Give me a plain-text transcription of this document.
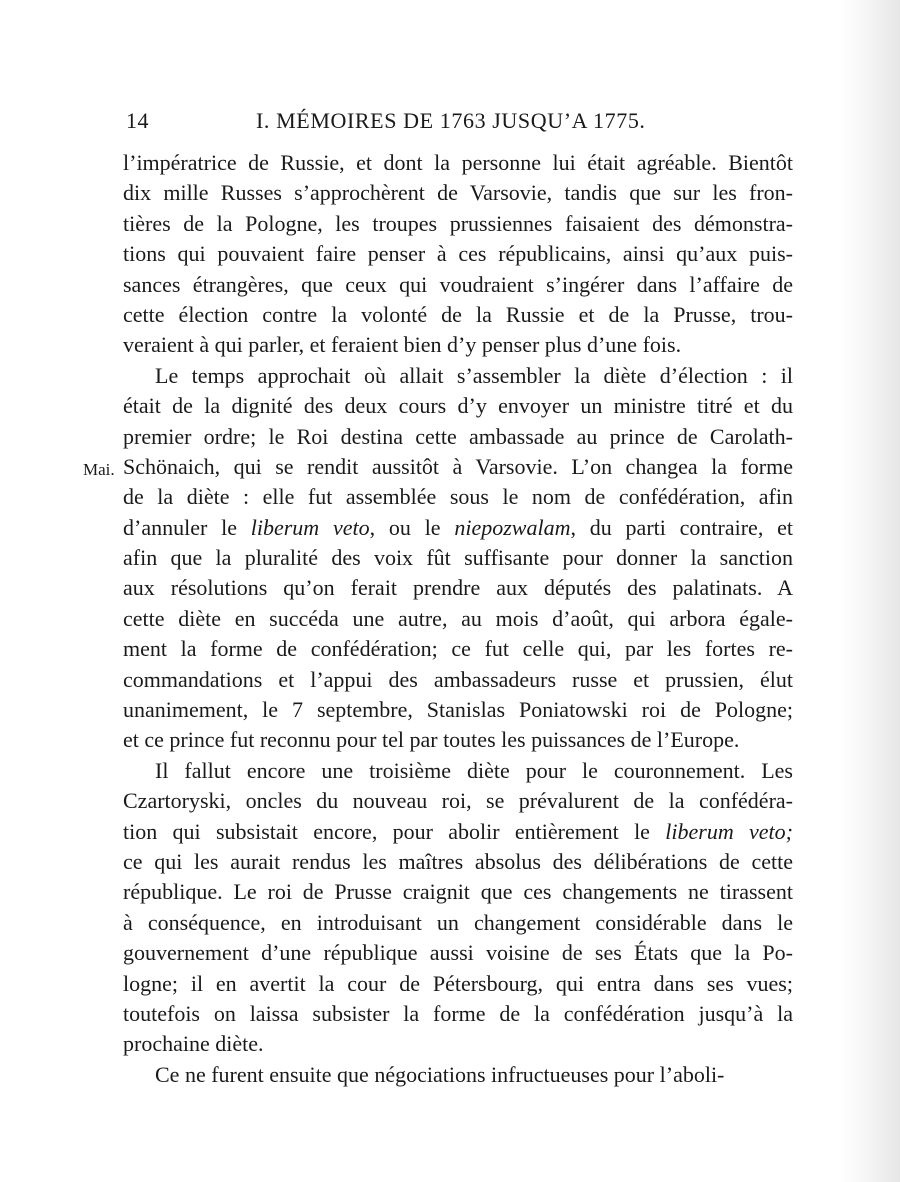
14	I. MÉMOIRES DE 1763 JUSQU’A 1775.
Mai.
l’impératrice de Russie, et dont la personne lui était agréable. Bientôt
dix mille Russes s’approchèrent de Varsovie, tandis que sur les fron-
tières de la Pologne, les troupes prussiennes faisaient des démonstra-
tions qui pouvaient faire penser à ces républicains, ainsi qu’aux puis-
sances étrangères, que ceux qui voudraient s’ingérer dans l’affaire de
cette élection contre la volonté de la Russie et de la Prusse, trou-
veraient à qui parler, et feraient bien d’y penser plus d’une fois.
Le temps approchait où allait s’assembler la diète d’élection : il
était de la dignité des deux cours d’y envoyer un ministre titré et du
premier ordre; le Roi destina cette ambassade au prince de Carolath-
Schönaich, qui se rendit aussitôt à Varsovie. L’on changea la forme
de la diète : elle fut assemblée sous le nom de confédération, afin
d’annuler le liberum veto, ou le niepozwalam, du parti contraire, et
afin que la pluralité des voix fût suffisante pour donner la sanction
aux résolutions qu’on ferait prendre aux députés des palatinats. A
cette diète en succéda une autre, au mois d’août, qui arbora égale-
ment la forme de confédération; ce fut celle qui, par les fortes re-
commandations et l’appui des ambassadeurs russe et prussien, élut
unanimement, le 7 septembre, Stanislas Poniatowski roi de Pologne;
et ce prince fut reconnu pour tel par toutes les puissances de l’Europe.
Il fallut encore une troisième diète pour le couronnement. Les
Czartoryski, oncles du nouveau roi, se prévalurent de la confédéra-
tion qui subsistait encore, pour abolir entièrement le liberum veto;
ce qui les aurait rendus les maîtres absolus des délibérations de cette
république. Le roi de Prusse craignit que ces changements ne tirassent
à conséquence, en introduisant un changement considérable dans le
gouvernement d’une république aussi voisine de ses États que la Po-
logne; il en avertit la cour de Pétersbourg, qui entra dans ses vues;
toutefois on laissa subsister la forme de la confédération jusqu’à la
prochaine diète.
Ce ne furent ensuite que négociations infructueuses pour l’aboli-
